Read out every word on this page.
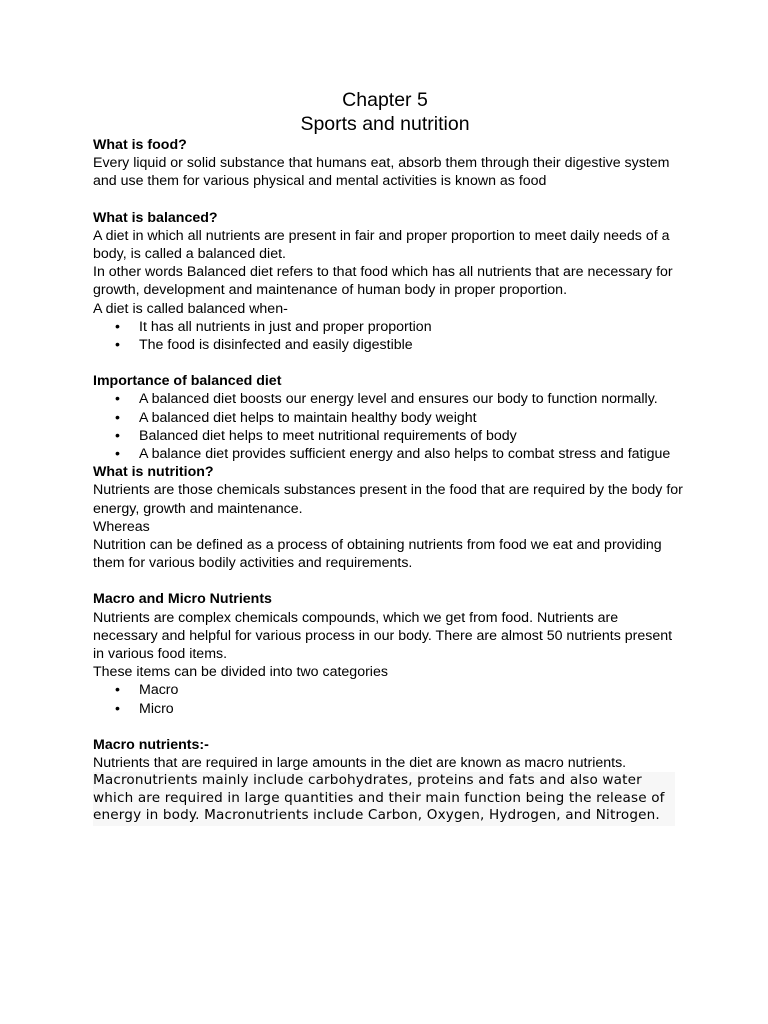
Chapter 5

Sports and nutrition

What is food?

Every liquid or solid substance that humans eat, absorb them through their digestive system and use them for various physical and mental activities is known as food

What is balanced?

A diet in which all nutrients are present in fair and proper proportion to meet daily needs of a body, is called a balanced diet.

In other words Balanced diet refers to that food which has all nutrients that are necessary for growth, development and maintenance of human body in proper proportion.

A diet is called balanced when-

• It has all nutrients in just and proper proportion
• The food is disinfected and easily digestible

Importance of balanced diet

• A balanced diet boosts our energy level and ensures our body to function normally.
• A balanced diet helps to maintain healthy body weight
• Balanced diet helps to meet nutritional requirements of body
• A balance diet provides sufficient energy and also helps to combat stress and fatigue

What is nutrition?

Nutrients are those chemicals substances present in the food that are required by the body for energy, growth and maintenance.

Whereas

Nutrition can be defined as a process of obtaining nutrients from food we eat and providing them for various bodily activities and requirements.

Macro and Micro Nutrients

Nutrients are complex chemicals compounds, which we get from food. Nutrients are necessary and helpful for various process in our body. There are almost 50 nutrients present in various food items.

These items can be divided into two categories

• Macro
• Micro

Macro nutrients:-

Nutrients that are required in large amounts in the diet are known as macro nutrients.

Macronutrients mainly include carbohydrates, proteins and fats and also water which are required in large quantities and their main function being the release of energy in body. Macronutrients include Carbon, Oxygen, Hydrogen, and Nitrogen.
